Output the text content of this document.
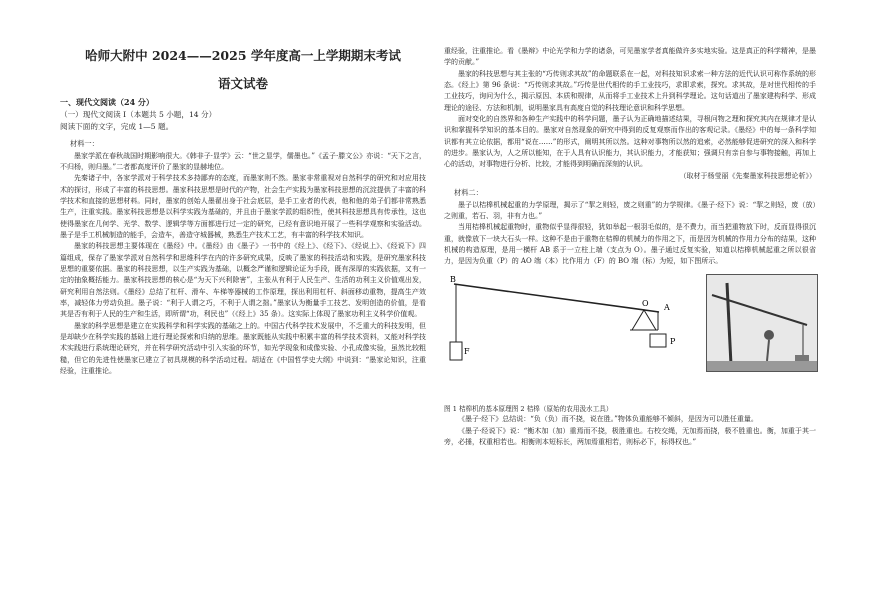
哈师大附中 2024——2025 学年度高一上学期期末考试

语文试卷

一、现代文阅读（24 分）

（一）现代文阅读 I（本题共 5 小题，14 分）

阅读下面的文字，完成 1—5 题。

材料一：

墨家学派在春秋战国时期影响很大。《韩非子·显学》云：“世之显学，儒墨也。”《孟子·滕文公》亦说：“天下之言，不归杨，则归墨。”二者都高度评价了墨家的显赫地位。

先秦诸子中，各家学派对于科学技术多持鄙弃的态度，而墨家则不然。墨家非常重视对自然科学的研究和对应用技术的探讨，形成了丰富的科技思想。墨家科技思想是时代的产物，社会生产实践为墨家科技思想的沉淀提供了丰富的科学技术和直接的思想材料。同时，墨家的创始人墨翟出身于社会底层，是手工业者的代表，他和他的弟子们都非常熟悉生产，注重实践。墨家科技思想是以科学实践为基础的，并且由于墨家学派的组织性，使其科技思想具有传承性，这也使得墨家在几何学、光学、数学、逻辑学等方面都进行过一定的研究，已经有意识地开展了一些科学观察和实验活动。墨子是手工机械制造的能手，会造车，善造守城器械，熟悉生产技术工艺，有丰富的科学技术知识。

墨家的科技思想主要体现在《墨经》中。《墨经》由《墨子》一书中的《经上》、《经下》、《经说上》、《经说下》四篇组成，保存了墨家学派对自然科学和思维科学在内的许多研究成果，反映了墨家的科技活动和实践，是研究墨家科技思想的重要依据。墨家的科技思想，以生产实践为基础，以概念严谨和逻辑论证为手段，既有深厚的实践依据，又有一定的抽象概括能力。墨家科技思想的核心是“为天下兴利除害”，主张从有利于人民生产、生活的功利主义价值观出发，研究利用自然法则。《墨经》总结了杠杆、滑车、车梯等器械的工作原理，探出利用杠杆、斜面移动重物，提高生产效率，减轻体力劳动负担。墨子说：“利于人谓之巧，不利于人谓之拙。”墨家认为衡量手工技艺、发明创造的价值，是看其是否有利于人民的生产和生活，即所谓“功，利民也”（《经上》35 条）。这实际上体现了墨家功利主义科学价值观。

墨家的科学思想是建立在实践科学和科学实践的基础之上的。中国古代科学技术发展中，不乏重大的科技发明，但是却缺少在科学实践的基础上进行理论探索和归纳的思维。墨家既能从实践中积累丰富的科学技术资料，又能对科学技术实践进行系统理论研究，并在科学研究活动中引入实验的环节，如光学现象和成像实验、小孔成像实验，虽然比较粗糙，但它的先进性使墨家已建立了初具规模的科学活动过程。胡适在《中国哲学史大纲》中说到：“墨家论知识，注重经验，注重推论。

重经验，注重推论。看《墨辩》中论光学和力学的诸条，可见墨家学者真能做许多实地实验。这是真正的科学精神，是墨学的贡献。”

墨家的科技思想与其主张的“巧传则求其故”的命题联系在一起，对科技知识求索一种方法的近代认识可称作系统的形态。《经上》第 96 条说：“巧传则求其故。”巧传是世代相传的手工业技巧，求即求索，探究。求其故，是对世代相传的手工业技巧，询问为什么，揭示原因、本质和规律，从而将手工业技术上升到科学理论。这句话道出了墨家建构科学、形成理论的途径、方法和机制，说明墨家具有高度自觉的科技理论意识和科学思想。

面对变化的自然界和各种生产实践中的科学问题，墨子认为正确地描述结果，寻根问物之理和探究其内在规律才是认识和掌握科学知识的基本目的。墨家对自然现象的研究中得到的反复观察而作出的客观记录。《墨经》中的每一条科学知识都有其立论依据，都用“说在……”的形式，阐明其所以然。这种对事物所以然的追索，必然能够促进研究的深入和科学的进步。墨家认为，人之所以能知，在于人具有认识能力，其认识能力，才能获知；强调只有亲自参与事物接触，再加上心的活动，对事物进行分析、比较，才能得到明确而深刻的认识。

（取材于杨莹丽《先秦墨家科技思想论析》）

材料二：

墨子以桔槔机械起重的力学原理，揭示了“挈之则轻，废之则重”的力学规律。《墨子·经下》说：“挈之则轻，废（放）之则重，若石、羽，非有力也。”

当用桔槔机械起重物时，重物似乎显得很轻，犹如举起一根羽毛似的，是不费力，而当把重物放下时，反而显得很沉重，就像放下一块大石头一样。这种不是由于重物在桔槔的机械力的作用之下，而是因为机械的作用力分布的结果，这种机械的构造原理，是用一横杆 AB 系于一立柱上端（支点为 O）。墨子通过反复实验，知道以桔槔机械起重之所以很省力，是因为负重（P）的 AO 端（本）比作用力（F）的 BO 端（标）为短，如下图所示。

B
F
O A
P

图 1 桔槔机的基本原理图 2 桔槔（原始的农用汲水工具）

《墨子·经下》总结说：“负（负）而不挠，说在胜。”物体负重能够不倾斜，是因为可以胜任重量。

《墨子·经说下》说：“衡木加（加）重焉而不挠，极胜重也。右校交绳，无加焉而挠，极不胜重也。衡，加重于其一旁，必捶，权重相若也。相衡则本短标长，两加焉重相若，则标必下，标得权也。”
